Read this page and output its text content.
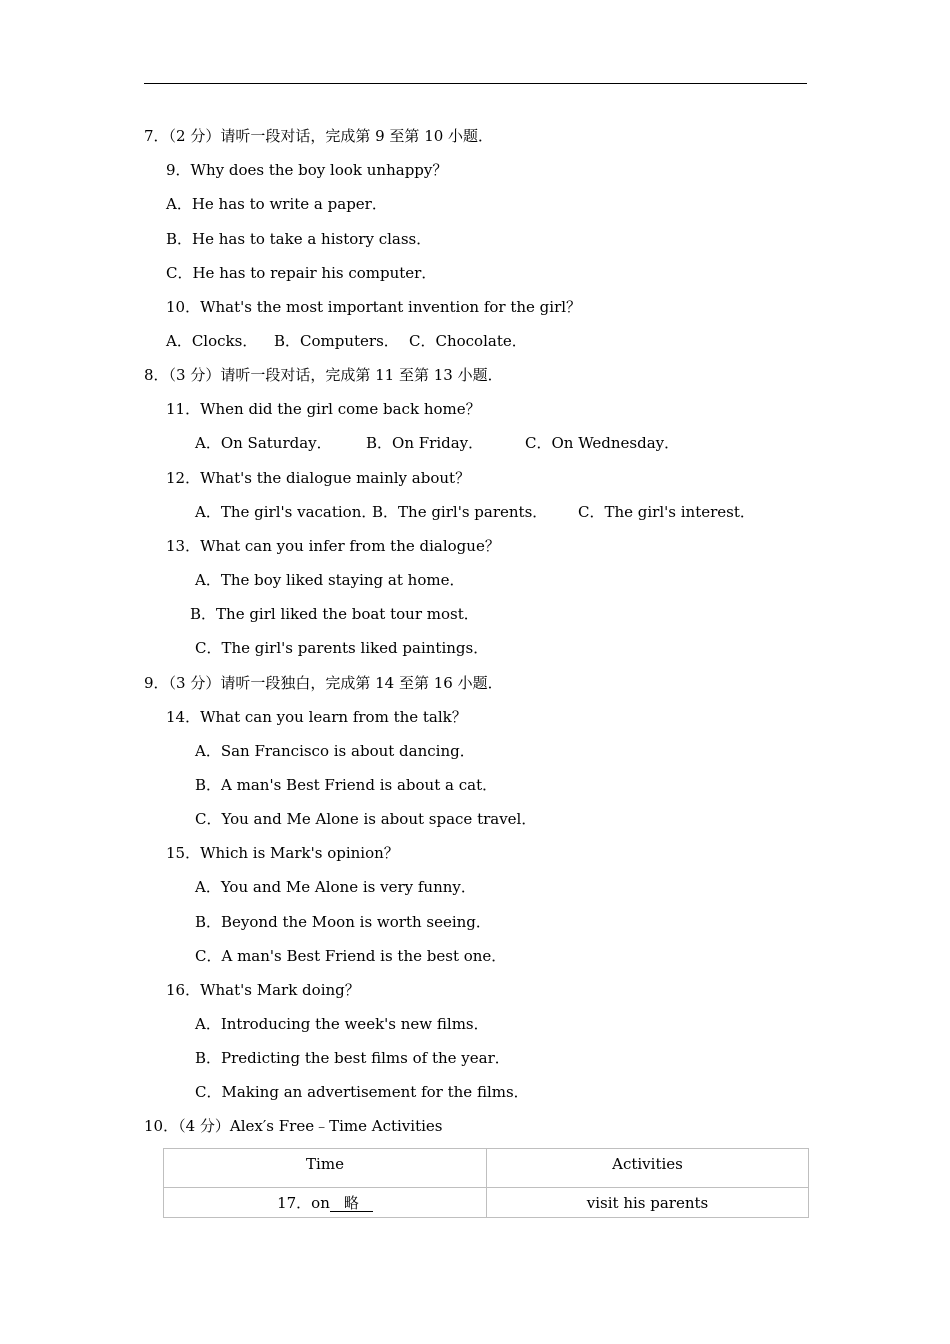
7．（2 分）请听一段对话，完成第 9 至第 10 小题．
9．Why does the boy look unhappy？
A．He has to write a paper．
B．He has to take a history class．
C．He has to repair his computer．
10．What's the most important invention for the girl？

A．Clocks．

B．Computers．

C．Chocolate．

8．（3 分）请听一段对话，完成第 11 至第 13 小题．
11．When did the girl come back home？

A．On Saturday．

B．On Friday．

	C．On Wednesday．

12．What's the dialogue mainly about？

A．The girl's vacation．

B．The girl's parents．

C．The girl's interest．

13．What can you infer from the dialogue？
A．The boy liked staying at home．
B．The girl liked the boat tour most．
C．The girl's parents liked paintings．
9．（3 分）请听一段独白，完成第 14 至第 16 小题．
14．What can you learn from the talk？
A．San Francisco is about dancing．
B．A man's Best Friend is about a cat．
C．You and Me Alone is about space travel．
15．Which is Mark's opinion？
A．You and Me Alone is very funny．
B．Beyond the Moon is worth seeing．
C．A man's Best Friend is the best one．
16．What's Mark doing？
A．Introducing the week's new films．
B．Predicting the best films of the year．
C．Making an advertisement for the films．
10．（4 分）Alex′s Free﹣Time Activities
Time	Activities
17．on 略	visit his parents
